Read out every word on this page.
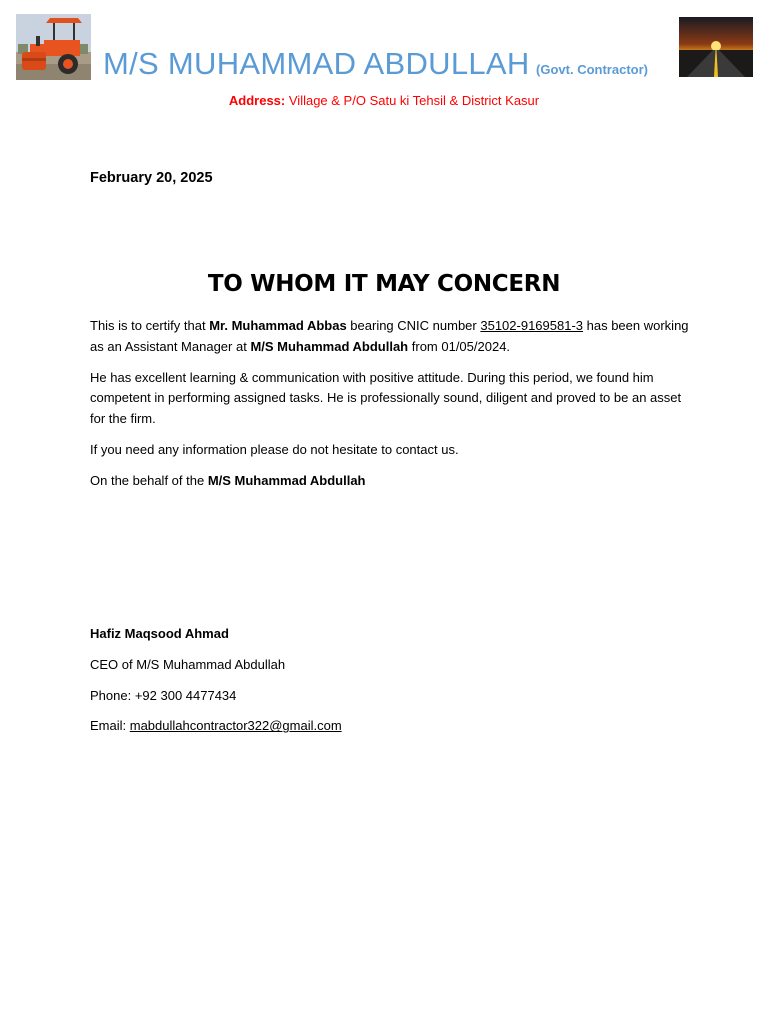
M/S MUHAMMAD ABDULLAH (Govt. Contractor)
Address: Village & P/O Satu ki Tehsil & District Kasur
February 20, 2025
TO WHOM IT MAY CONCERN

This is to certify that Mr. Muhammad Abbas bearing CNIC number 35102-9169581-3 has been working as an Assistant Manager at M/S Muhammad Abdullah from 01/05/2024.

He has excellent learning & communication with positive attitude. During this period, we found him competent in performing assigned tasks. He is professionally sound, diligent and proved to be an asset for the firm.

If you need any information please do not hesitate to contact us.

On the behalf of the M/S Muhammad Abdullah

Hafiz Maqsood Ahmad

CEO of M/S Muhammad Abdullah

Phone: +92 300 4477434

Email: mabdullahcontractor322@gmail.com
